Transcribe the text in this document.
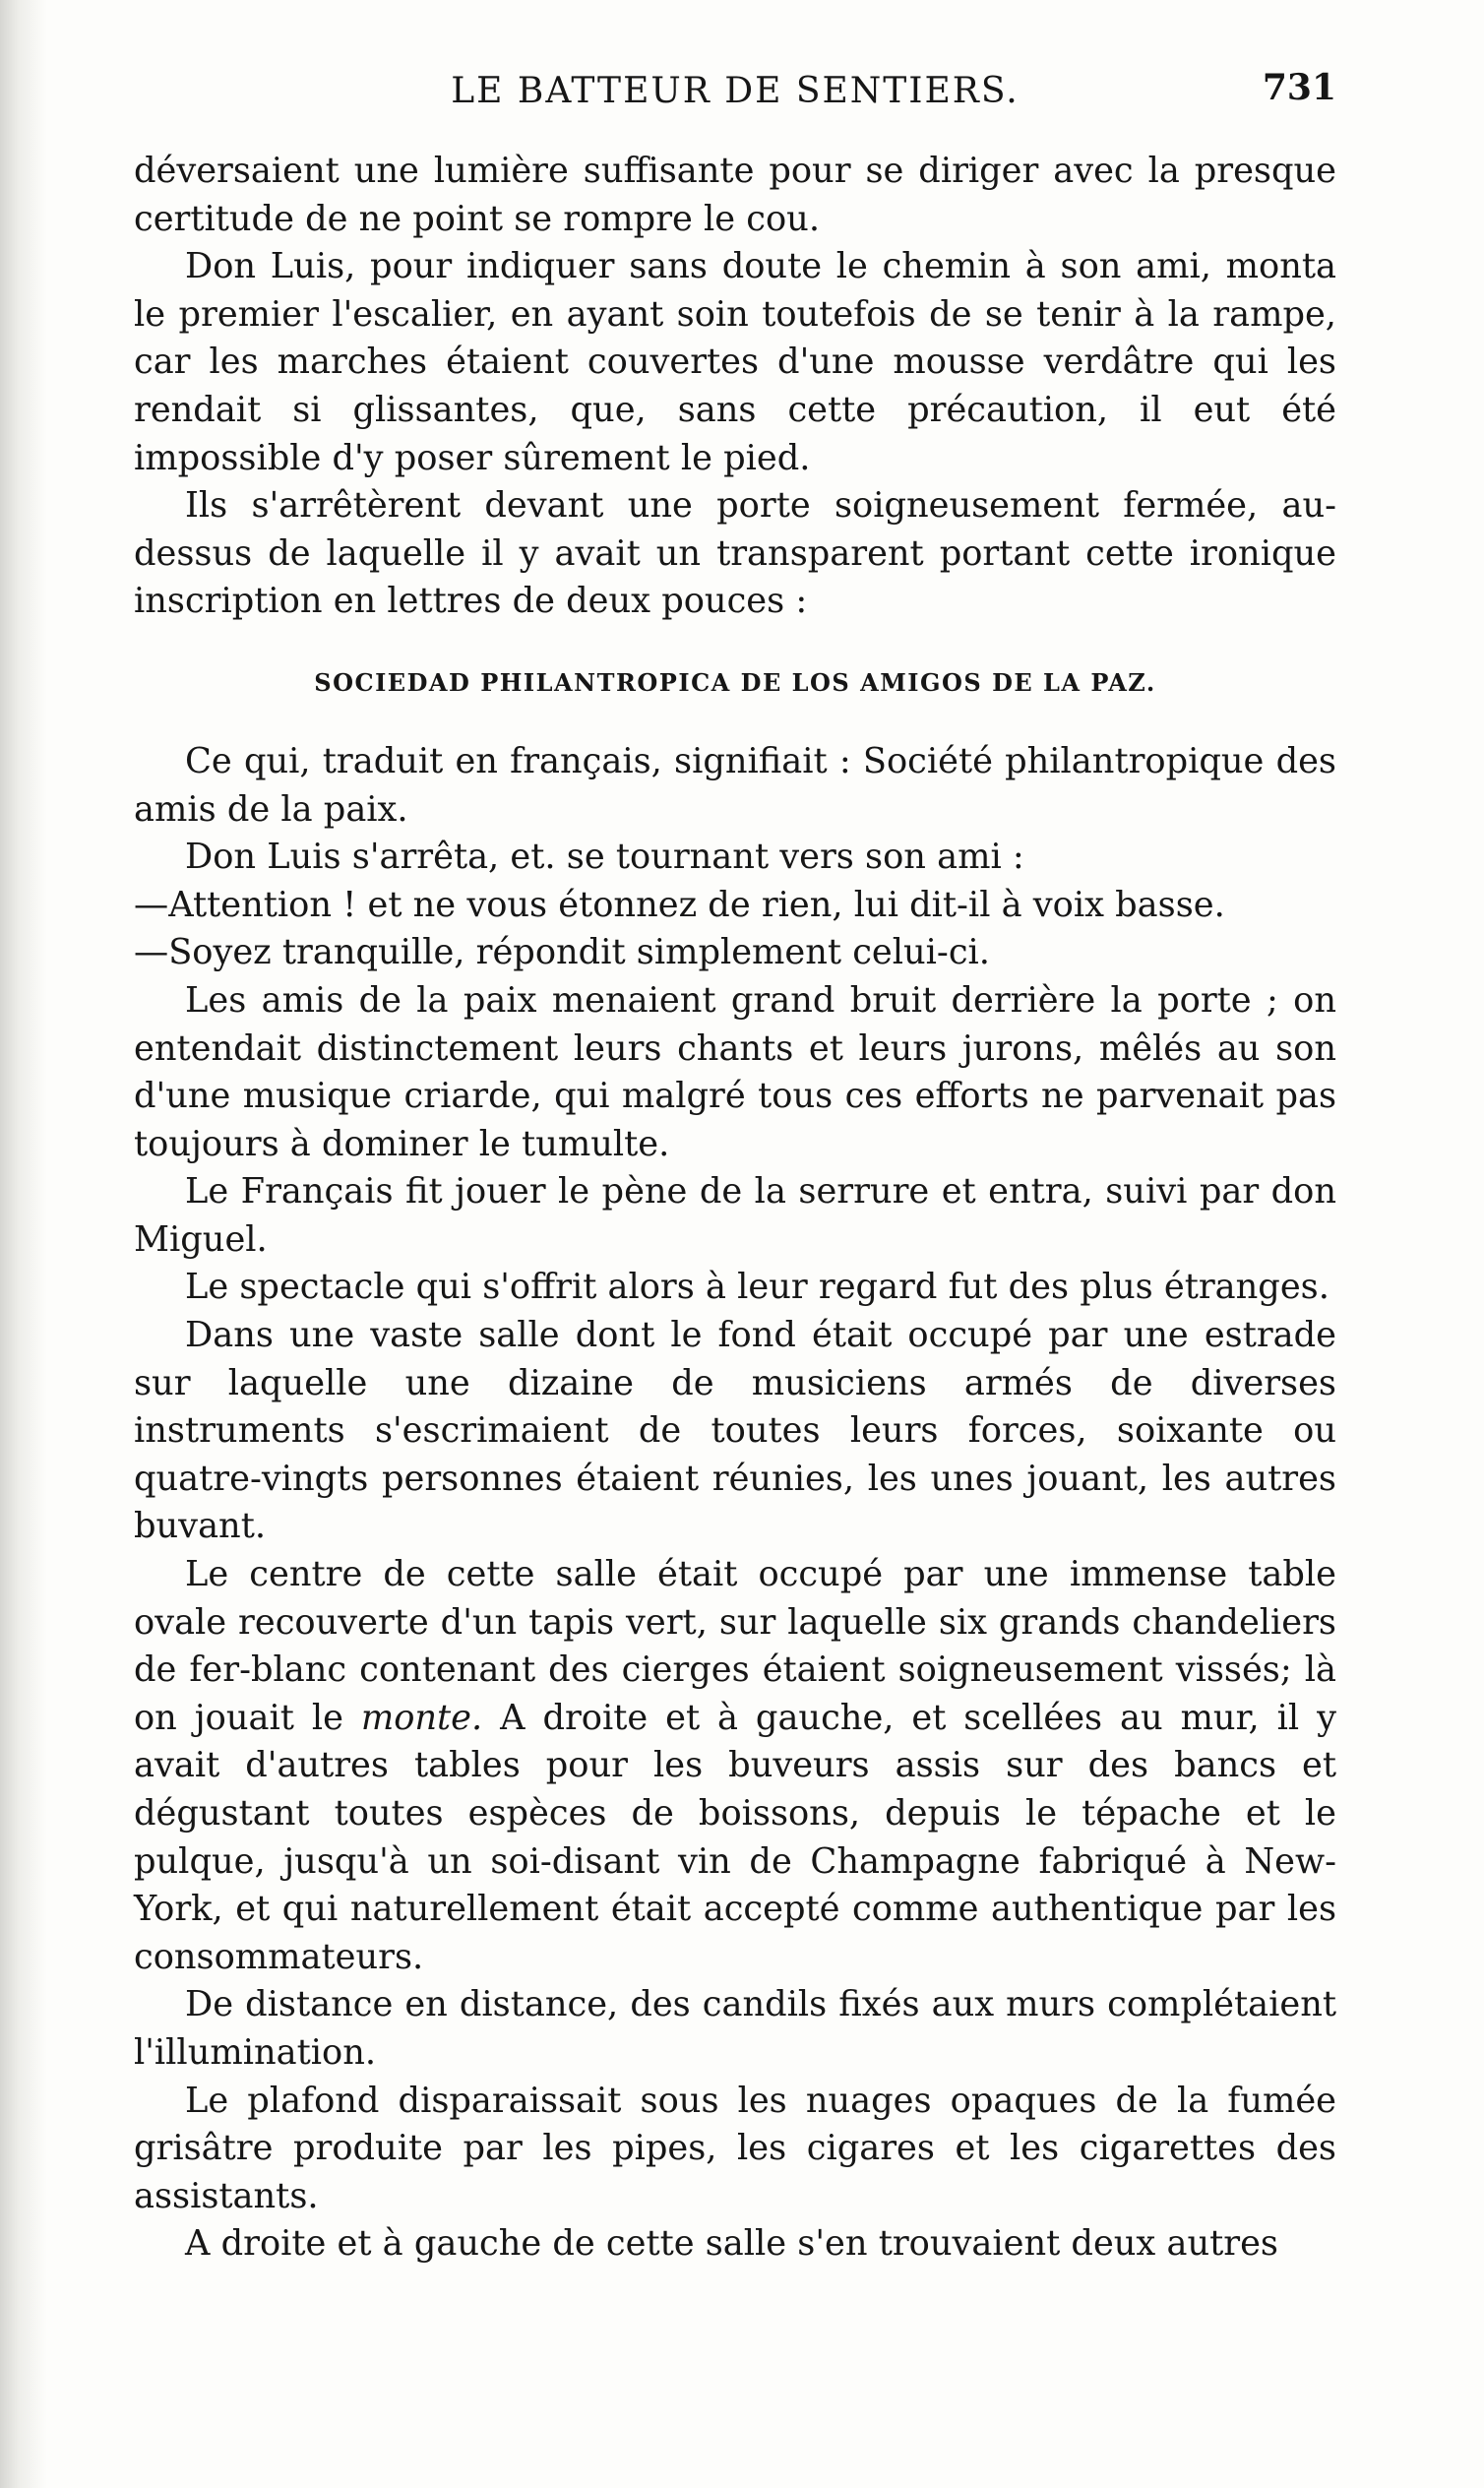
LE BATTEUR DE SENTIERS.	731

déversaient une lumière suffisante pour se diriger avec la presque certitude de ne point se rompre le cou.

Don Luis, pour indiquer sans doute le chemin à son ami, monta le premier l'escalier, en ayant soin toutefois de se tenir à la rampe, car les marches étaient couvertes d'une mousse verdâtre qui les rendait si glissantes, que, sans cette précaution, il eut été impossible d'y poser sûrement le pied.

Ils s'arrêtèrent devant une porte soigneusement fermée, au-dessus de laquelle il y avait un transparent portant cette ironique inscription en lettres de deux pouces :

SOCIEDAD PHILANTROPICA DE LOS AMIGOS DE LA PAZ.

Ce qui, traduit en français, signifiait : Société philantropique des amis de la paix.

Don Luis s'arrêta, et. se tournant vers son ami :

—Attention ! et ne vous étonnez de rien, lui dit-il à voix basse.

—Soyez tranquille, répondit simplement celui-ci.

Les amis de la paix menaient grand bruit derrière la porte ; on entendait distinctement leurs chants et leurs jurons, mêlés au son d'une musique criarde, qui malgré tous ces efforts ne parvenait pas toujours à dominer le tumulte.

Le Français fit jouer le pène de la serrure et entra, suivi par don Miguel.

Le spectacle qui s'offrit alors à leur regard fut des plus étranges.

Dans une vaste salle dont le fond était occupé par une estrade sur laquelle une dizaine de musiciens armés de diverses instruments s'escrimaient de toutes leurs forces, soixante ou quatre-vingts personnes étaient réunies, les unes jouant, les autres buvant.

Le centre de cette salle était occupé par une immense table ovale recouverte d'un tapis vert, sur laquelle six grands chandeliers de fer-blanc contenant des cierges étaient soigneusement vissés; là on jouait le monte. A droite et à gauche, et scellées au mur, il y avait d'autres tables pour les buveurs assis sur des bancs et dégustant toutes espèces de boissons, depuis le tépache et le pulque, jusqu'à un soi-disant vin de Champagne fabriqué à New-York, et qui naturellement était accepté comme authentique par les consommateurs.

De distance en distance, des candils fixés aux murs complétaient l'illumination.

Le plafond disparaissait sous les nuages opaques de la fumée grisâtre produite par les pipes, les cigares et les cigarettes des assistants.

A droite et à gauche de cette salle s'en trouvaient deux autres
